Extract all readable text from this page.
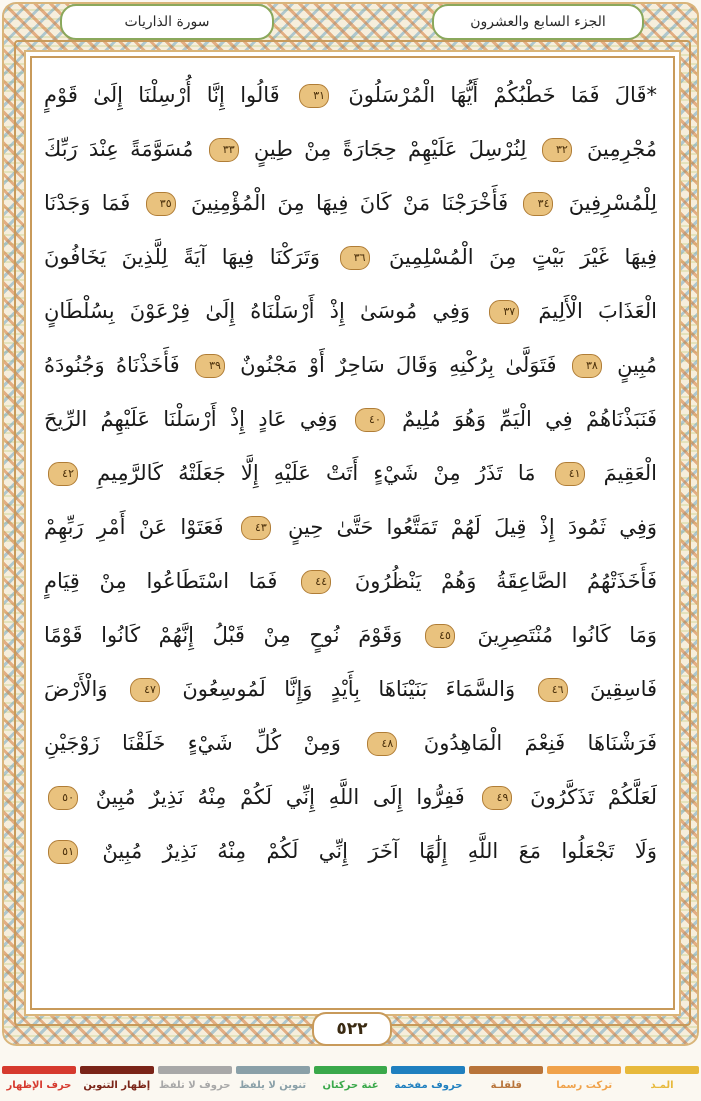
الجزء السابع والعشرون
سورة الذاريات
*قَالَ فَمَا خَطْبُكُمْ أَيُّهَا الْمُرْسَلُونَ ٣١ قَالُوا إِنَّا أُرْسِلْنَا إِلَىٰ قَوْمٍ
مُجْرِمِينَ ٣٢ لِنُرْسِلَ عَلَيْهِمْ حِجَارَةً مِنْ طِينٍ ٣٣ مُسَوَّمَةً عِنْدَ رَبِّكَ
لِلْمُسْرِفِينَ ٣٤ فَأَخْرَجْنَا مَنْ كَانَ فِيهَا مِنَ الْمُؤْمِنِينَ ٣٥ فَمَا وَجَدْنَا
فِيهَا غَيْرَ بَيْتٍ مِنَ الْمُسْلِمِينَ ٣٦ وَتَرَكْنَا فِيهَا آيَةً لِلَّذِينَ يَخَافُونَ
الْعَذَابَ الْأَلِيمَ ٣٧ وَفِي مُوسَىٰ إِذْ أَرْسَلْنَاهُ إِلَىٰ فِرْعَوْنَ بِسُلْطَانٍ
مُبِينٍ ٣٨ فَتَوَلَّىٰ بِرُكْنِهِ وَقَالَ سَاحِرٌ أَوْ مَجْنُونٌ ٣٩ فَأَخَذْنَاهُ وَجُنُودَهُ
فَنَبَذْنَاهُمْ فِي الْيَمِّ وَهُوَ مُلِيمٌ ٤٠ وَفِي عَادٍ إِذْ أَرْسَلْنَا عَلَيْهِمُ الرِّيحَ
الْعَقِيمَ ٤١ مَا تَذَرُ مِنْ شَيْءٍ أَتَتْ عَلَيْهِ إِلَّا جَعَلَتْهُ كَالرَّمِيمِ ٤٢
وَفِي ثَمُودَ إِذْ قِيلَ لَهُمْ تَمَتَّعُوا حَتَّىٰ حِينٍ ٤٣ فَعَتَوْا عَنْ أَمْرِ رَبِّهِمْ
فَأَخَذَتْهُمُ الصَّاعِقَةُ وَهُمْ يَنْظُرُونَ ٤٤ فَمَا اسْتَطَاعُوا مِنْ قِيَامٍ
وَمَا كَانُوا مُنْتَصِرِينَ ٤٥ وَقَوْمَ نُوحٍ مِنْ قَبْلُ إِنَّهُمْ كَانُوا قَوْمًا
فَاسِقِينَ ٤٦ وَالسَّمَاءَ بَنَيْنَاهَا بِأَيْدٍ وَإِنَّا لَمُوسِعُونَ ٤٧ وَالْأَرْضَ
فَرَشْنَاهَا فَنِعْمَ الْمَاهِدُونَ ٤٨ وَمِنْ كُلِّ شَيْءٍ خَلَقْنَا زَوْجَيْنِ
لَعَلَّكُمْ تَذَكَّرُونَ ٤٩ فَفِرُّوا إِلَى اللَّهِ إِنِّي لَكُمْ مِنْهُ نَذِيرٌ مُبِينٌ ٥٠
وَلَا تَجْعَلُوا مَعَ اللَّهِ إِلَٰهًا آخَرَ إِنِّي لَكُمْ مِنْهُ نَذِيرٌ مُبِينٌ ٥١
٥٢٢
المـد
تركت رسما
قلقلـة
حروف مفخمة
غنة حركتان
تنوين لا يلفظ
حروف لا تلفظ
إظهار التنوين
حرف الإظهار
